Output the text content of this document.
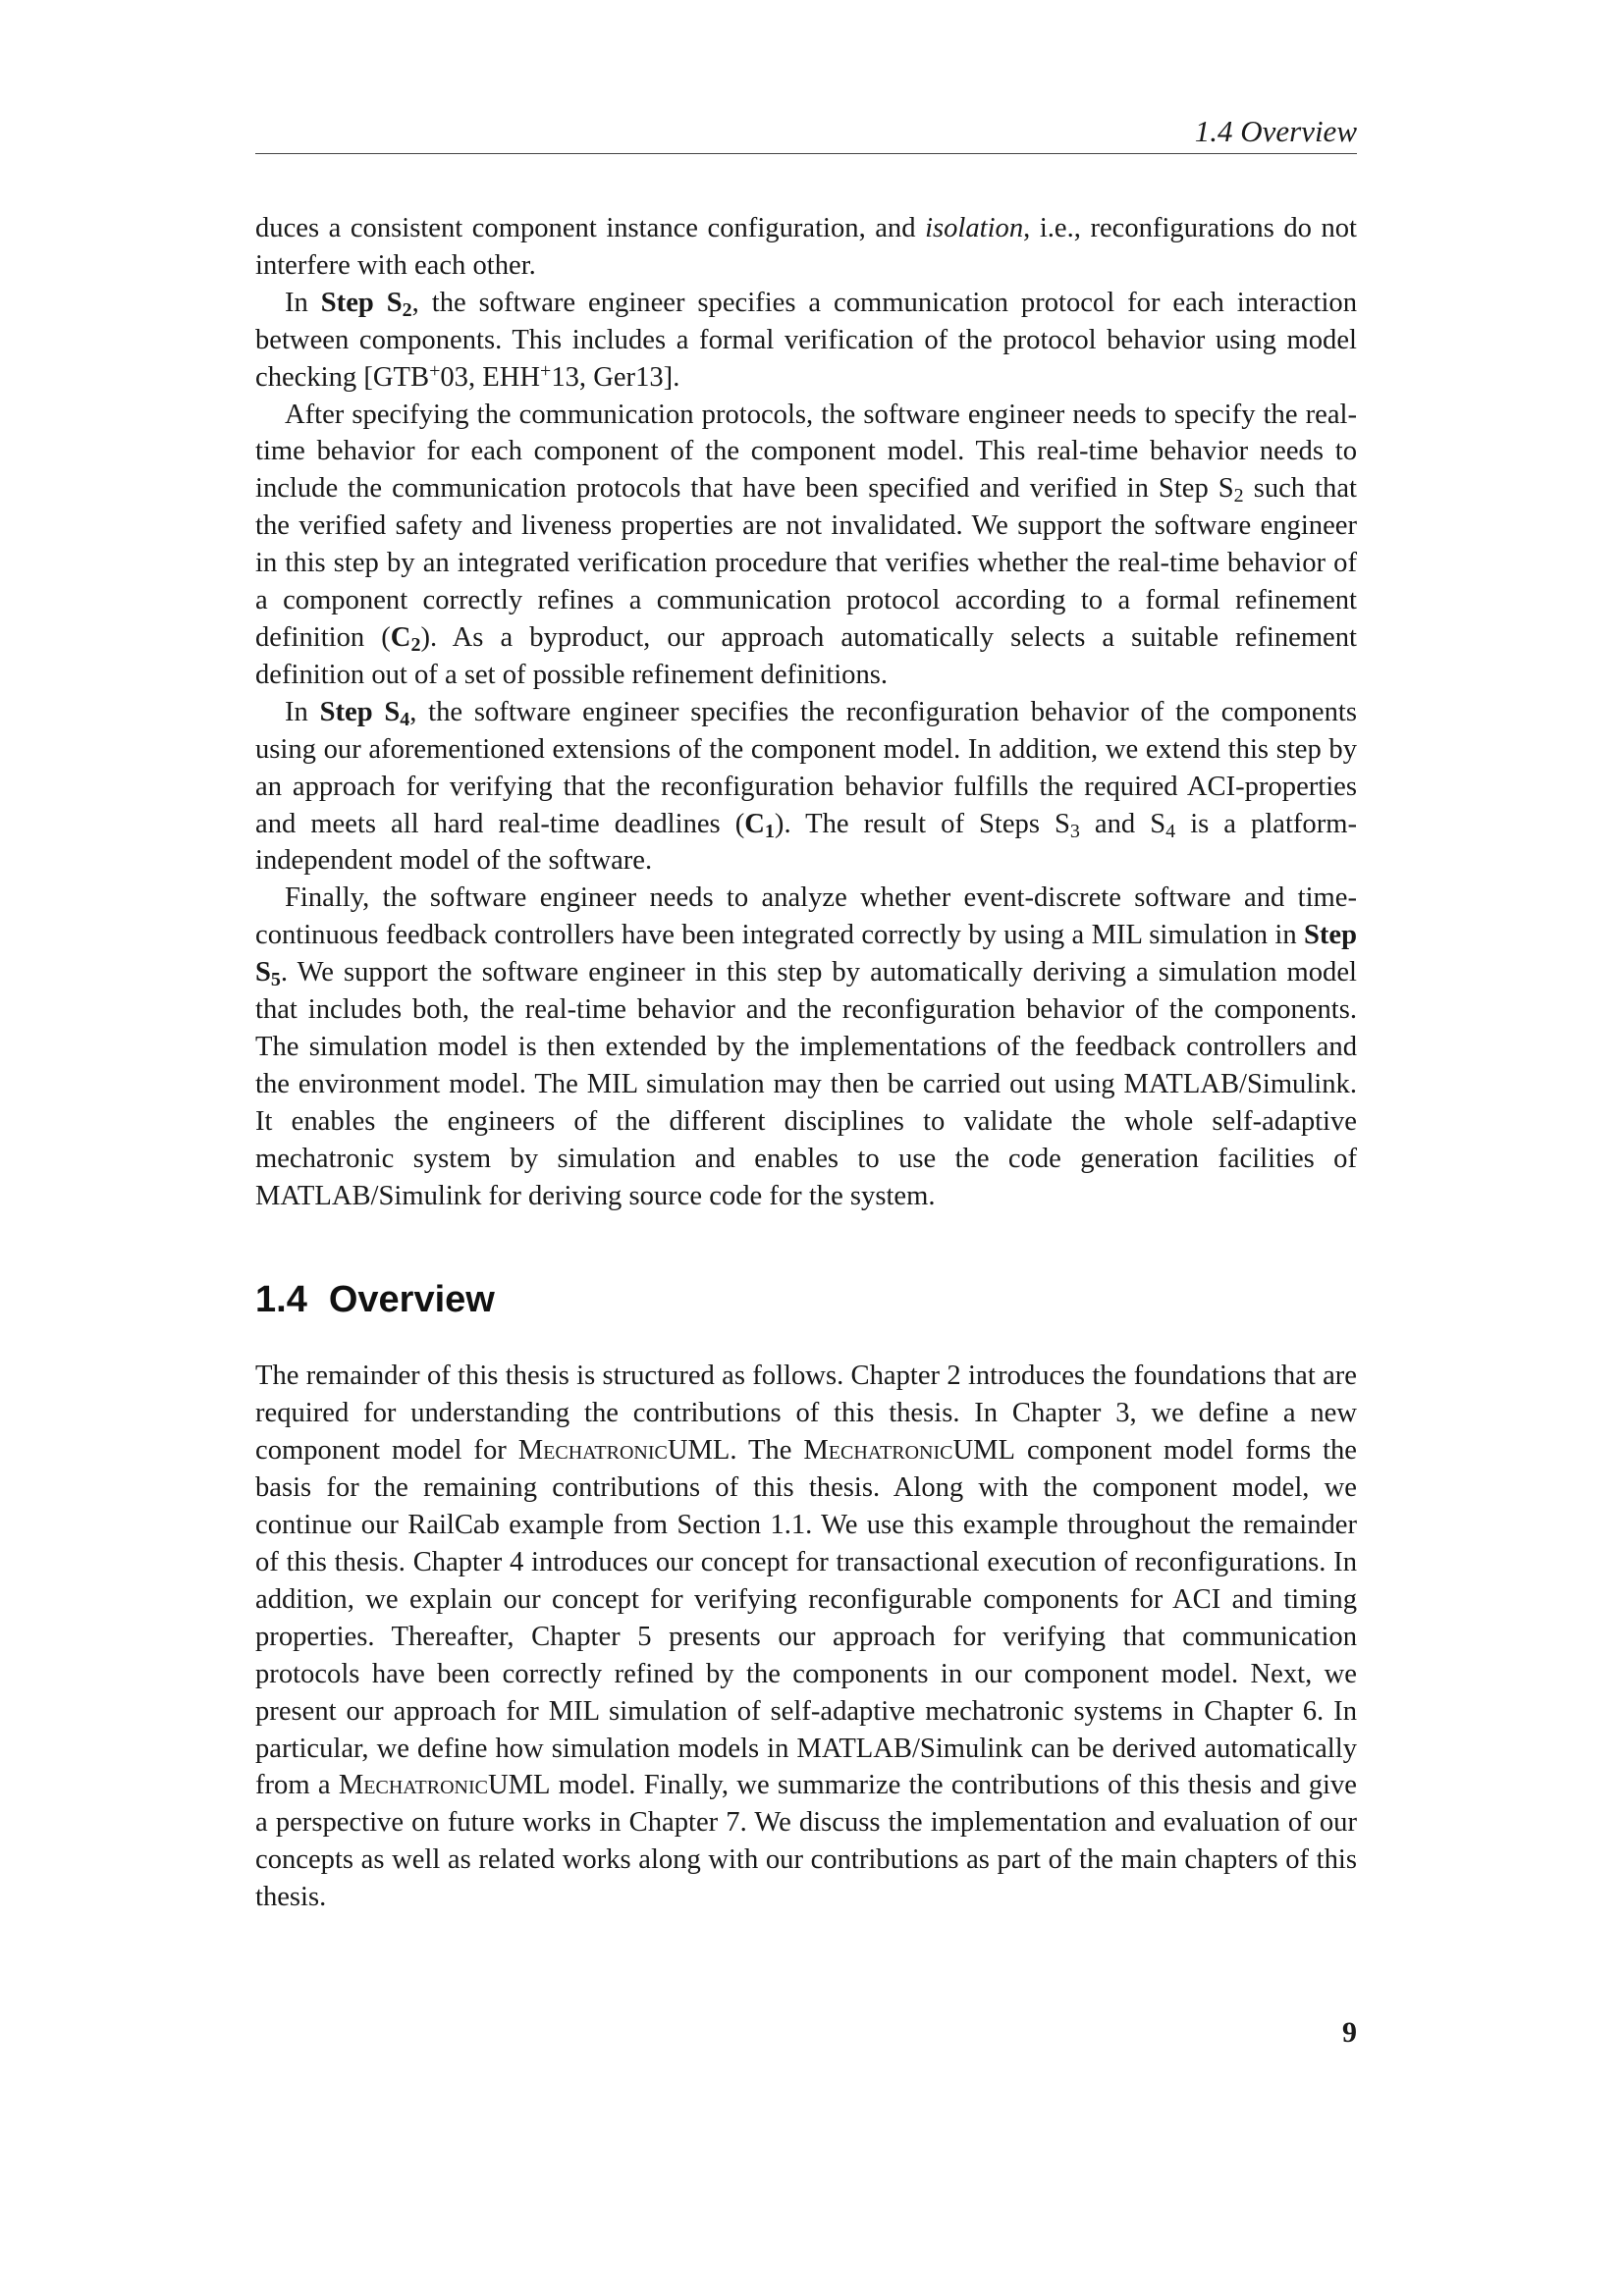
1.4 Overview

duces a consistent component instance configuration, and isolation, i.e., reconfigurations do not interfere with each other.

In Step $S_2$, the software engineer specifies a communication protocol for each interaction between components. This includes a formal verification of the protocol behavior using model checking [GTB+03, EHH+13, Ger13].

After specifying the communication protocols, the software engineer needs to specify the real-time behavior for each component of the component model. This real-time behavior needs to include the communication protocols that have been specified and verified in Step $S_2$ such that the verified safety and liveness properties are not invalidated. We support the software engineer in this step by an integrated verification procedure that verifies whether the real-time behavior of a component correctly refines a communication protocol according to a formal refinement definition $(C_2)$. As a byproduct, our approach automatically selects a suitable refinement definition out of a set of possible refinement definitions.

In Step $S_4$, the software engineer specifies the reconfiguration behavior of the components using our aforementioned extensions of the component model. In addition, we extend this step by an approach for verifying that the reconfiguration behavior fulfills the required ACI-properties and meets all hard real-time deadlines $(C_1)$. The result of Steps $S_3$ and $S_4$ is a platform-independent model of the software.

Finally, the software engineer needs to analyze whether event-discrete software and time-continuous feedback controllers have been integrated correctly by using a MIL simulation in Step $S_5$. We support the software engineer in this step by automatically deriving a simulation model that includes both, the real-time behavior and the reconfiguration behavior of the components. The simulation model is then extended by the implementations of the feedback controllers and the environment model. The MIL simulation may then be carried out using MATLAB/Simulink. It enables the engineers of the different disciplines to validate the whole self-adaptive mechatronic system by simulation and enables to use the code generation facilities of MATLAB/Simulink for deriving source code for the system.

1.4 Overview

The remainder of this thesis is structured as follows. Chapter 2 introduces the foundations that are required for understanding the contributions of this thesis. In Chapter 3, we define a new component model for MechatronicUML. The MechatronicUML component model forms the basis for the remaining contributions of this thesis. Along with the component model, we continue our RailCab example from Section 1.1. We use this example throughout the remainder of this thesis. Chapter 4 introduces our concept for transactional execution of reconfigurations. In addition, we explain our concept for verifying reconfigurable components for ACI and timing properties. Thereafter, Chapter 5 presents our approach for verifying that communication protocols have been correctly refined by the components in our component model. Next, we present our approach for MIL simulation of self-adaptive mechatronic systems in Chapter 6. In particular, we define how simulation models in MATLAB/Simulink can be derived automatically from a MechatronicUML model. Finally, we summarize the contributions of this thesis and give a perspective on future works in Chapter 7. We discuss the implementation and evaluation of our concepts as well as related works along with our contributions as part of the main chapters of this thesis.

9
